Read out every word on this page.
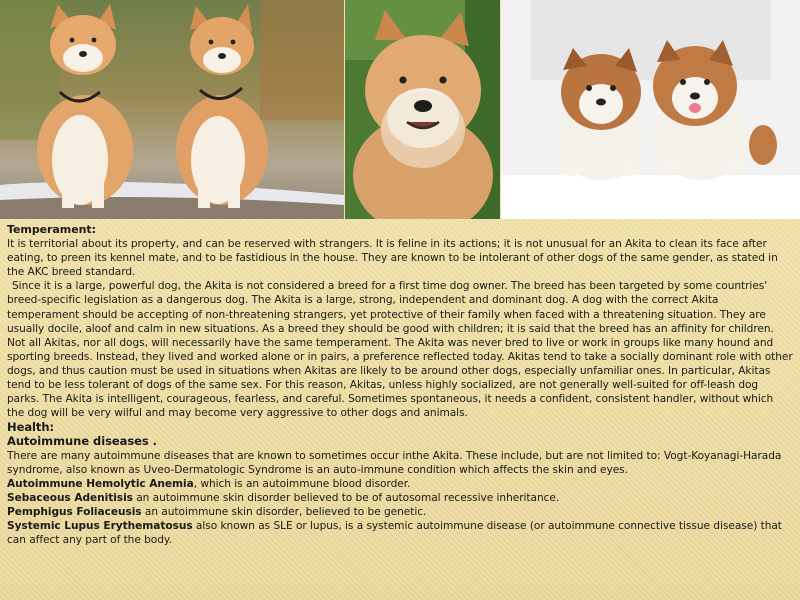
Temperament:

It is territorial about its property, and can be reserved with strangers. It is feline in its actions; it is not unusual for an Akita to clean its face after eating, to preen its kennel mate, and to be fastidious in the house. They are known to be intolerant of other dogs of the same gender, as stated in the AKC breed standard.

Since it is a large, powerful dog, the Akita is not considered a breed for a first time dog owner. The breed has been targeted by some countries' breed-specific legislation as a dangerous dog. The Akita is a large, strong, independent and dominant dog. A dog with the correct Akita temperament should be accepting of non-threatening strangers, yet protective of their family when faced with a threatening situation. They are usually docile, aloof and calm in new situations. As a breed they should be good with children; it is said that the breed has an affinity for children. Not all Akitas, nor all dogs, will necessarily have the same temperament. The Akita was never bred to live or work in groups like many hound and sporting breeds. Instead, they lived and worked alone or in pairs, a preference reflected today. Akitas tend to take a socially dominant role with other dogs, and thus caution must be used in situations when Akitas are likely to be around other dogs, especially unfamiliar ones. In particular, Akitas tend to be less tolerant of dogs of the same sex. For this reason, Akitas, unless highly socialized, are not generally well-suited for off-leash dog parks. The Akita is intelligent, courageous, fearless, and careful. Sometimes spontaneous, it needs a confident, consistent handler, without which the dog will be very wilful and may become very aggressive to other dogs and animals.

Health:

Autoimmune diseases .

There are many autoimmune diseases that are known to sometimes occur inthe Akita. These include, but are not limited to: Vogt-Koyanagi-Harada syndrome, also known as Uveo-Dermatologic Syndrome is an auto-immune condition which affects the skin and eyes.

Autoimmune Hemolytic Anemia, which is an autoimmune blood disorder.

Sebaceous Adenitisis an autoimmune skin disorder believed to be of autosomal recessive inheritance.

Pemphigus Foliaceusis an autoimmune skin disorder, believed to be genetic.

Systemic Lupus Erythematosus also known as SLE or lupus, is a systemic autoimmune disease (or autoimmune connective tissue disease) that can affect any part of the body.
